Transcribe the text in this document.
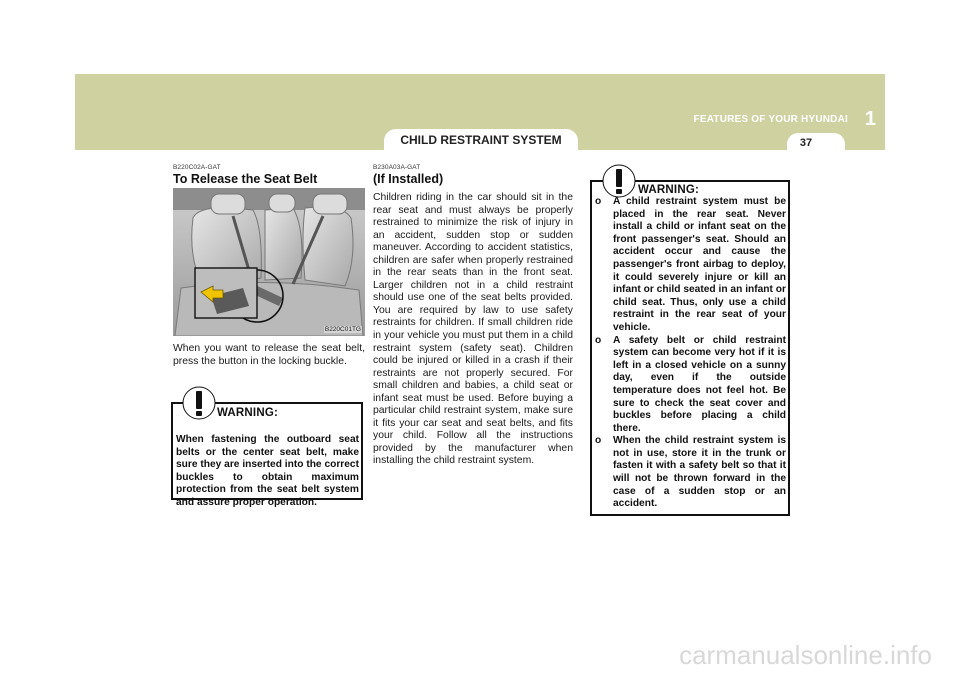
FEATURES OF YOUR HYUNDAI 1
37
CHILD RESTRAINT SYSTEM
B220C02A-GAT
To Release the Seat Belt
B220C01TG
When you want to release the seat belt, press the button in the locking buckle.
WARNING:
When fastening the outboard seat belts or the center seat belt, make sure they are inserted into the correct buckles to obtain maximum protection from the seat belt system and assure proper operation.
B230A03A-GAT
(If Installed)
Children riding in the car should sit in the rear seat and must always be properly restrained to minimize the risk of injury in an accident, sudden stop or sudden maneuver. According to accident statistics, children are safer when properly restrained in the rear seats than in the front seat. Larger children not in a child restraint should use one of the seat belts provided. You are required by law to use safety restraints for children. If small children ride in your vehicle you must put them in a child restraint system (safety seat). Children could be injured or killed in a crash if their restraints are not properly secured. For small children and babies, a child seat or infant seat must be used. Before buying a particular child restraint system, make sure it fits your car seat and seat belts, and fits your child. Follow all the instructions provided by the manufacturer when installing the child restraint system.
WARNING:
o A child restraint system must be placed in the rear seat. Never install a child or infant seat on the front passenger's seat. Should an accident occur and cause the passenger's front airbag to deploy, it could severely injure or kill an infant or child seated in an infant or child seat. Thus, only use a child restraint in the rear seat of your vehicle.
o A safety belt or child restraint system can become very hot if it is left in a closed vehicle on a sunny day, even if the outside temperature does not feel hot. Be sure to check the seat cover and buckles before placing a child there.
o When the child restraint system is not in use, store it in the trunk or fasten it with a safety belt so that it will not be thrown forward in the case of a sudden stop or an accident.
carmanualsonline.info
